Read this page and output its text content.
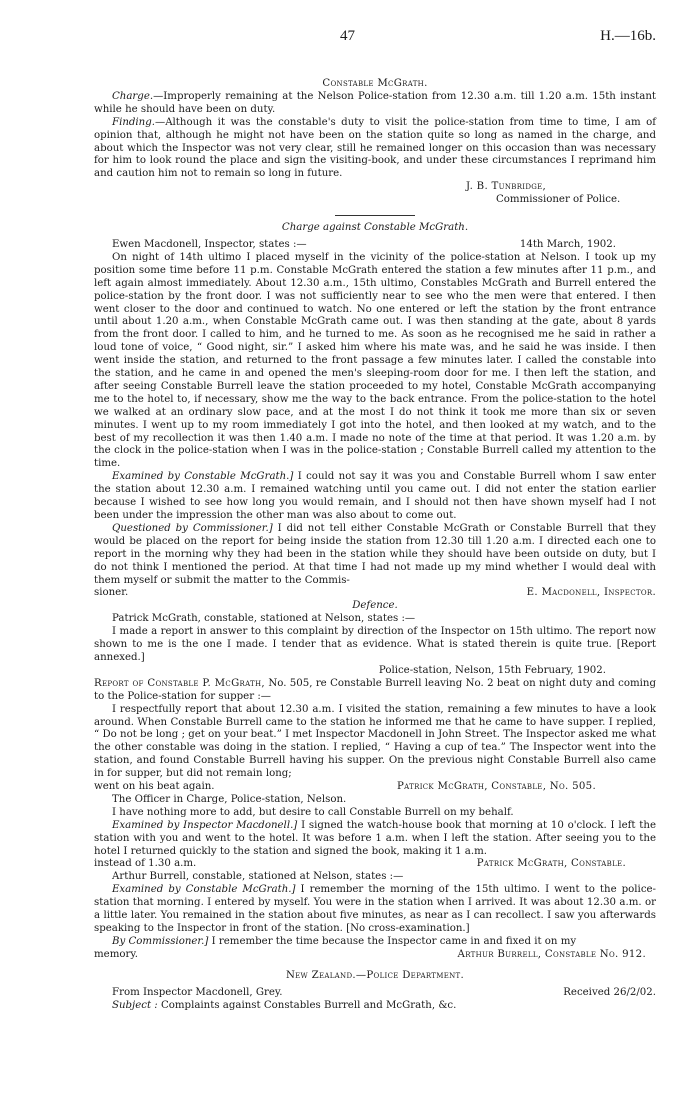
47	H.—16b.

Constable McGrath.

Charge.—Improperly remaining at the Nelson Police-station from 12.30 a.m. till 1.20 a.m. 15th instant while he should have been on duty.

Finding.—Although it was the constable's duty to visit the police-station from time to time, I am of opinion that, although he might not have been on the station quite so long as named in the charge, and about which the Inspector was not very clear, still he remained longer on this occasion than was necessary for him to look round the place and sign the visiting-book, and under these circumstances I reprimand him and caution him not to remain so long in future.

J. B. Tunbridge,
Commissioner of Police.

Charge against Constable McGrath.

Ewen Macdonell, Inspector, states :—	14th March, 1902.

On night of 14th ultimo I placed myself in the vicinity of the police-station at Nelson. I took up my position some time before 11 p.m. Constable McGrath entered the station a few minutes after 11 p.m., and left again almost immediately. About 12.30 a.m., 15th ultimo, Constables McGrath and Burrell entered the police-station by the front door. I was not sufficiently near to see who the men were that entered. I then went closer to the door and continued to watch. No one entered or left the station by the front entrance until about 1.20 a.m., when Constable McGrath came out. I was then standing at the gate, about 8 yards from the front door. I called to him, and he turned to me. As soon as he recognised me he said in rather a loud tone of voice, “ Good night, sir.” I asked him where his mate was, and he said he was inside. I then went inside the station, and returned to the front passage a few minutes later. I called the constable into the station, and he came in and opened the men's sleeping-room door for me. I then left the station, and after seeing Constable Burrell leave the station proceeded to my hotel, Constable McGrath accompanying me to the hotel to, if necessary, show me the way to the back entrance. From the police-station to the hotel we walked at an ordinary slow pace, and at the most I do not think it took me more than six or seven minutes. I went up to my room immediately I got into the hotel, and then looked at my watch, and to the best of my recollection it was then 1.40 a.m. I made no note of the time at that period. It was 1.20 a.m. by the clock in the police-station when I was in the police-station ; Constable Burrell called my attention to the time.

Examined by Constable McGrath.] I could not say it was you and Constable Burrell whom I saw enter the station about 12.30 a.m. I remained watching until you came out. I did not enter the station earlier because I wished to see how long you would remain, and I should not then have shown myself had I not been under the impression the other man was also about to come out.

Questioned by Commissioner.] I did not tell either Constable McGrath or Constable Burrell that they would be placed on the report for being inside the station from 12.30 till 1.20 a.m. I directed each one to report in the morning why they had been in the station while they should have been outside on duty, but I do not think I mentioned the period. At that time I had not made up my mind whether I would deal with them myself or submit the matter to the Commis-

sioner.	E. Macdonell, Inspector.

Defence.

Patrick McGrath, constable, stationed at Nelson, states :—

I made a report in answer to this complaint by direction of the Inspector on 15th ultimo. The report now shown to me is the one I made. I tender that as evidence. What is stated therein is quite true. [Report annexed.]

Police-station, Nelson, 15th February, 1902.

Report of Constable P. McGrath, No. 505, re Constable Burrell leaving No. 2 beat on night duty and coming to the Police-station for supper :—

I respectfully report that about 12.30 a.m. I visited the station, remaining a few minutes to have a look around. When Constable Burrell came to the station he informed me that he came to have supper. I replied, “ Do not be long ; get on your beat.” I met Inspector Macdonell in John Street. The Inspector asked me what the other constable was doing in the station. I replied, “ Having a cup of tea.” The Inspector went into the station, and found Constable Burrell having his supper. On the previous night Constable Burrell also came in for supper, but did not remain long;

went on his beat again.	Patrick McGrath, Constable, No. 505.

The Officer in Charge, Police-station, Nelson.

I have nothing more to add, but desire to call Constable Burrell on my behalf.

Examined by Inspector Macdonell.] I signed the watch-house book that morning at 10 o'clock. I left the station with you and went to the hotel. It was before 1 a.m. when I left the station. After seeing you to the hotel I returned quickly to the station and signed the book, making it 1 a.m.

instead of 1.30 a.m.	Patrick McGrath, Constable.

Arthur Burrell, constable, stationed at Nelson, states :—

Examined by Constable McGrath.] I remember the morning of the 15th ultimo. I went to the police-station that morning. I entered by myself. You were in the station when I arrived. It was about 12.30 a.m. or a little later. You remained in the station about five minutes, as near as I can recollect. I saw you afterwards speaking to the Inspector in front of the station. [No cross-examination.]

By Commissioner.] I remember the time because the Inspector came in and fixed it on my

memory.	Arthur Burrell, Constable No. 912.

New Zealand.—Police Department.

From Inspector Macdonell, Grey.	Received 26/2/02.

Subject : Complaints against Constables Burrell and McGrath, &c.
